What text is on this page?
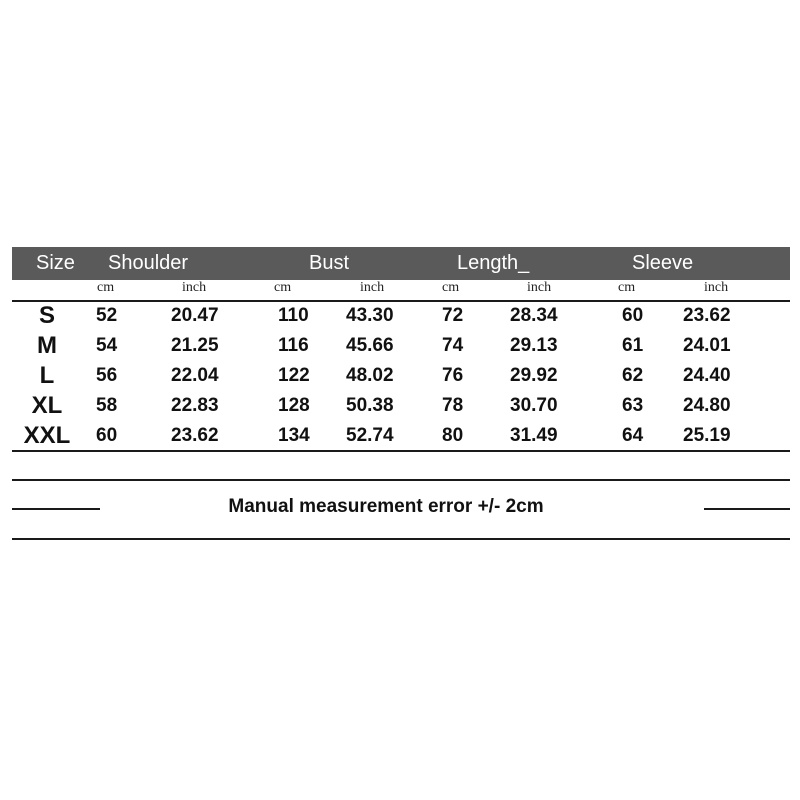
Size Shoulder	Bust	Length_	Sleeve
cm	inch	cm	inch	cm	inch	cm	inch
S	52	20.47	110 43.30	72 28.34	60 23.62
M	54	21.25	116 45.66	74 29.13	61 24.01
L	56	22.04	122 48.02	76 29.92	62 24.40
XL	58	22.83	128 50.38	78 30.70	63 24.80
XXL	60	23.62	134 52.74	80 31.49	64 25.19
Manual measurement error +/- 2cm
